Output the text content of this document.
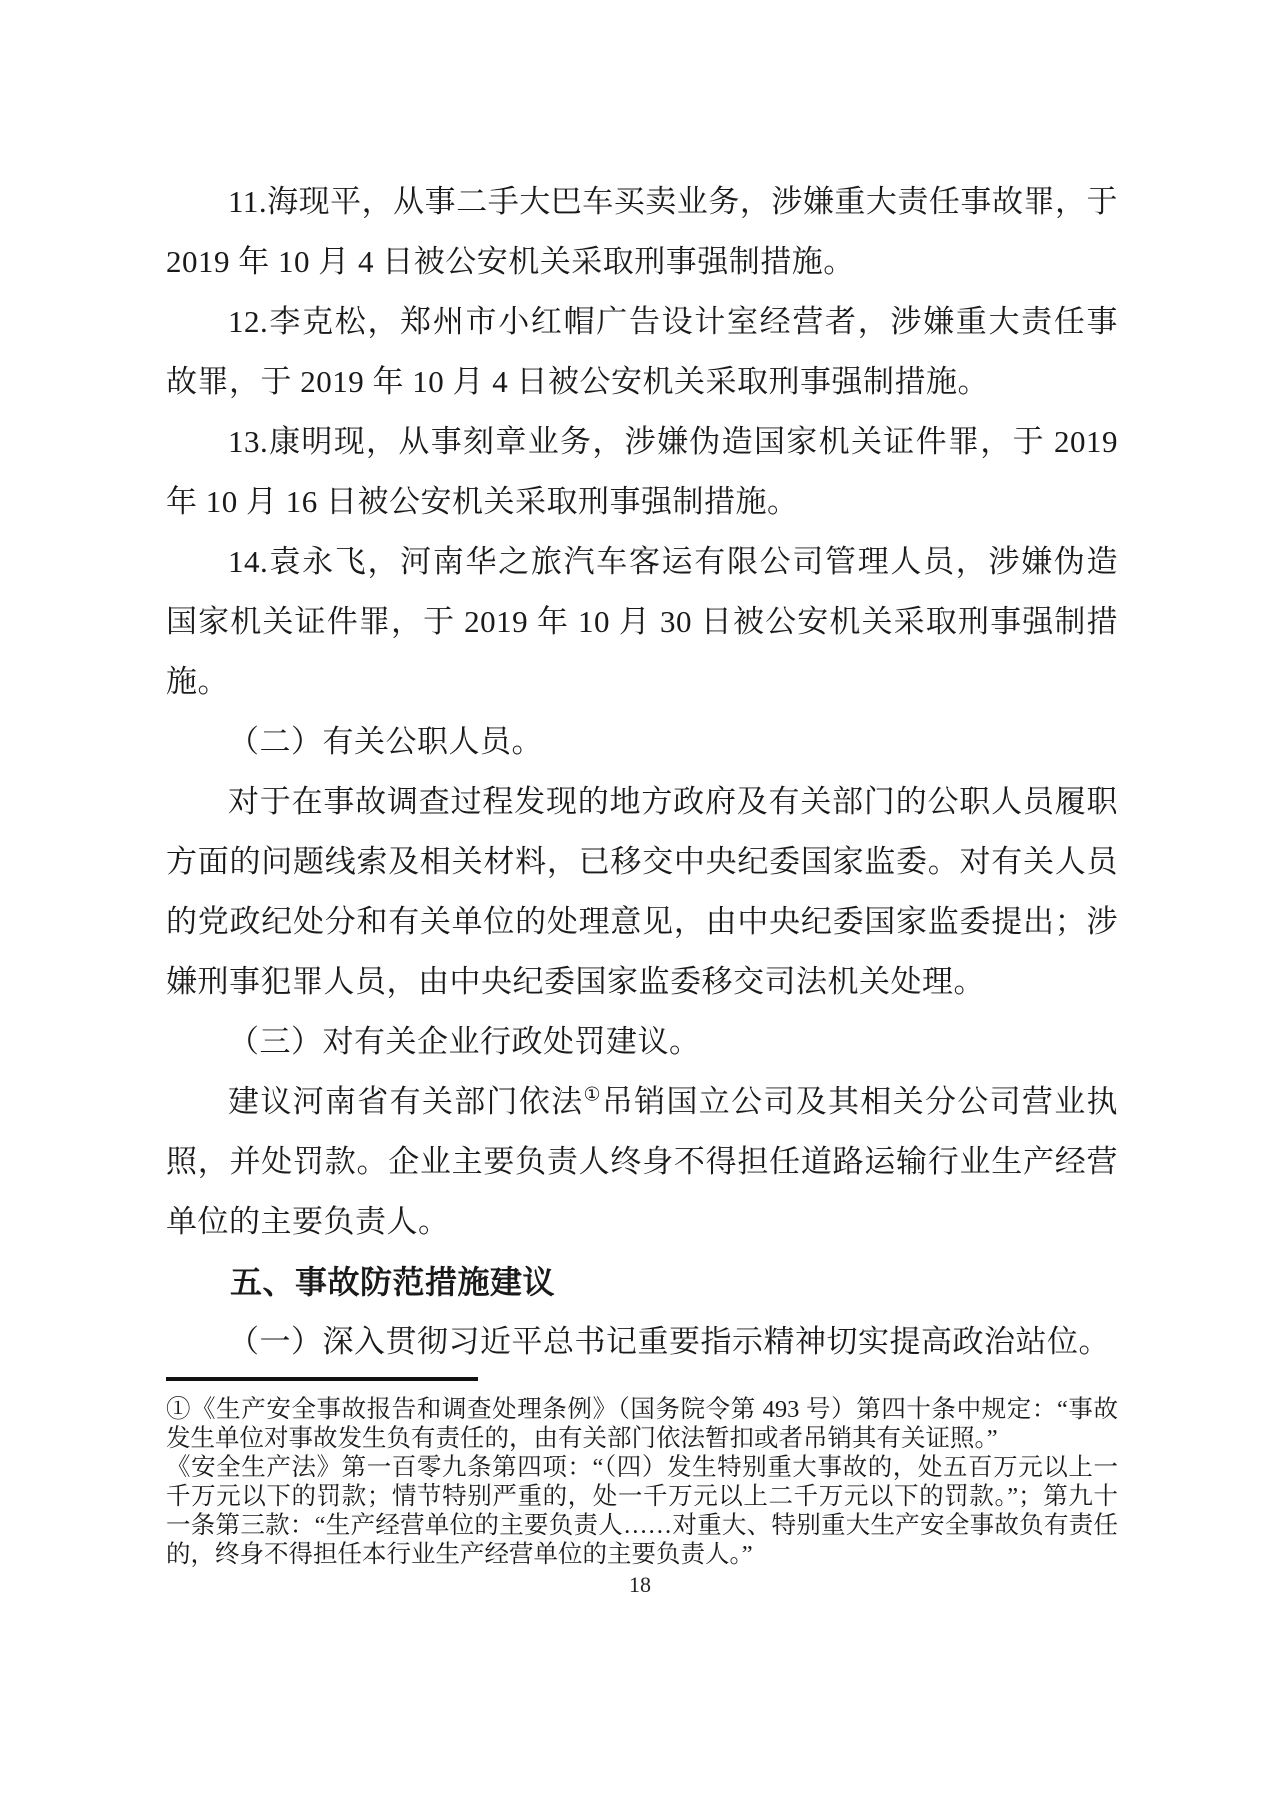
11.海现平，从事二手大巴车买卖业务，涉嫌重大责任事故罪，于 2019 年 10 月 4 日被公安机关采取刑事强制措施。

12.李克松，郑州市小红帽广告设计室经营者，涉嫌重大责任事故罪，于 2019 年 10 月 4 日被公安机关采取刑事强制措施。

13.康明现，从事刻章业务，涉嫌伪造国家机关证件罪，于 2019 年 10 月 16 日被公安机关采取刑事强制措施。

14.袁永飞，河南华之旅汽车客运有限公司管理人员，涉嫌伪造国家机关证件罪，于 2019 年 10 月 30 日被公安机关采取刑事强制措施。

（二）有关公职人员。

对于在事故调查过程发现的地方政府及有关部门的公职人员履职方面的问题线索及相关材料，已移交中央纪委国家监委。对有关人员的党政纪处分和有关单位的处理意见，由中央纪委国家监委提出；涉嫌刑事犯罪人员，由中央纪委国家监委移交司法机关处理。

（三）对有关企业行政处罚建议。

建议河南省有关部门依法①吊销国立公司及其相关分公司营业执照，并处罚款。企业主要负责人终身不得担任道路运输行业生产经营单位的主要负责人。

五、事故防范措施建议

（一）深入贯彻习近平总书记重要指示精神切实提高政治站位。

①《生产安全事故报告和调查处理条例》（国务院令第 493 号）第四十条中规定：“事故发生单位对事故发生负有责任的，由有关部门依法暂扣或者吊销其有关证照。”

《安全生产法》第一百零九条第四项：“（四）发生特别重大事故的，处五百万元以上一千万元以下的罚款；情节特别严重的，处一千万元以上二千万元以下的罚款。”；第九十一条第三款：“生产经营单位的主要负责人……对重大、特别重大生产安全事故负有责任的，终身不得担任本行业生产经营单位的主要负责人。”

18
